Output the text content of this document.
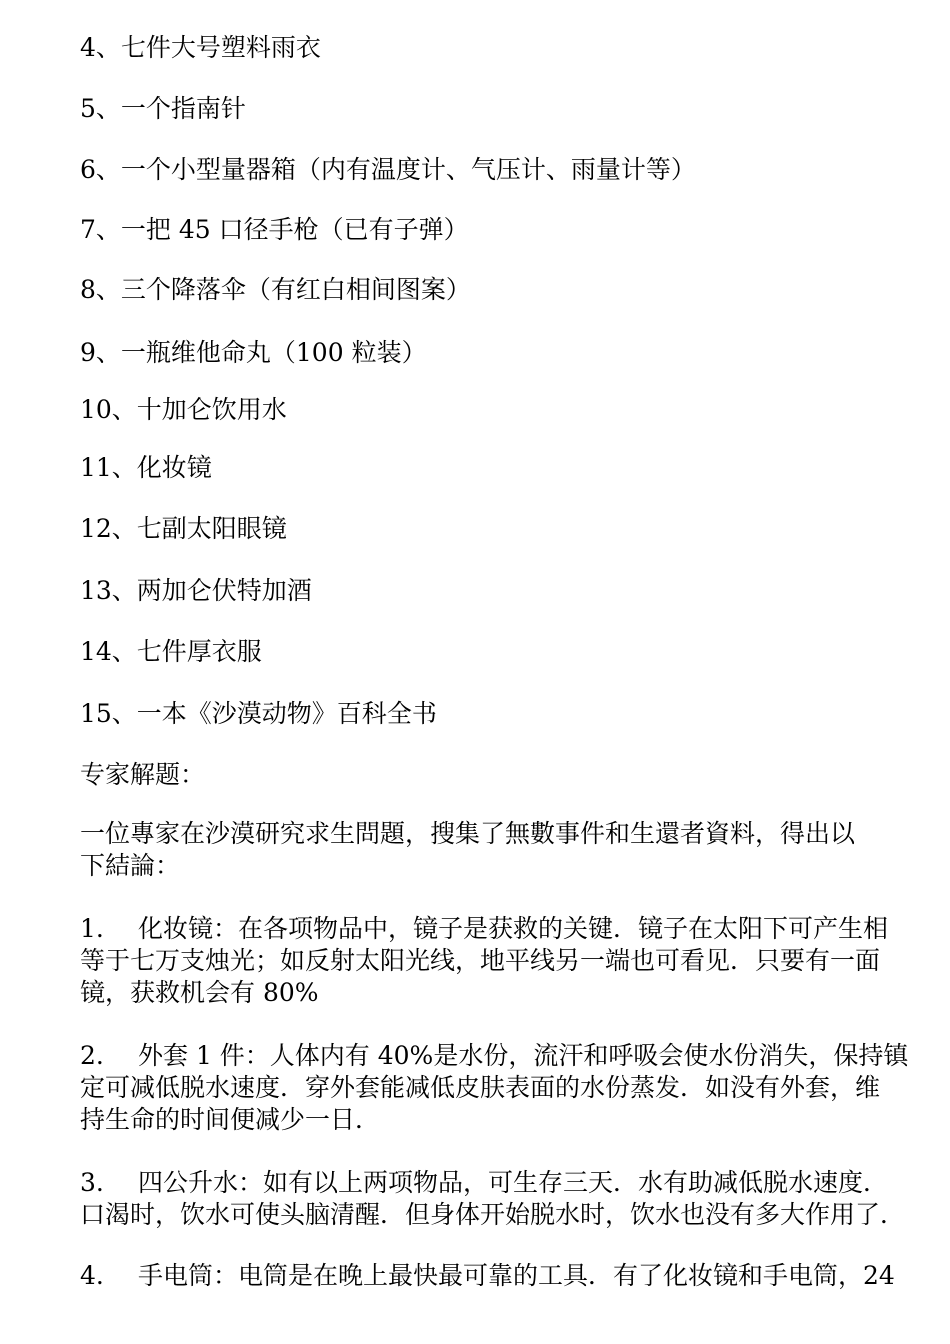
4、七件大号塑料雨衣
5、一个指南针
6、一个小型量器箱（内有温度计、气压计、雨量计等）
7、一把 45 口径手枪（已有子弹）
8、三个降落伞（有红白相间图案）
9、一瓶维他命丸（100 粒装）
10、十加仑饮用水
11、化妆镜
12、七副太阳眼镜
13、两加仑伏特加酒
14、七件厚衣服
15、一本《沙漠动物》百科全书
专家解题：
一位專家在沙漠研究求生問題，搜集了無數事件和生還者資料，得出以
下結論：
1. 化妆镜：在各项物品中，镜子是获救的关键．镜子在太阳下可产生相
等于七万支烛光；如反射太阳光线，地平线另一端也可看见．只要有一面
镜，获救机会有 80%
2. 外套 1 件：人体内有 40%是水份，流汗和呼吸会使水份消失，保持镇
定可减低脱水速度．穿外套能减低皮肤表面的水份蒸发．如没有外套，维
持生命的时间便减少一日．
3. 四公升水：如有以上两项物品，可生存三天．水有助减低脱水速度．
口渴时，饮水可使头脑清醒．但身体开始脱水时，饮水也没有多大作用了．
4. 手电筒：电筒是在晚上最快最可靠的工具．有了化妆镜和手电筒，24
